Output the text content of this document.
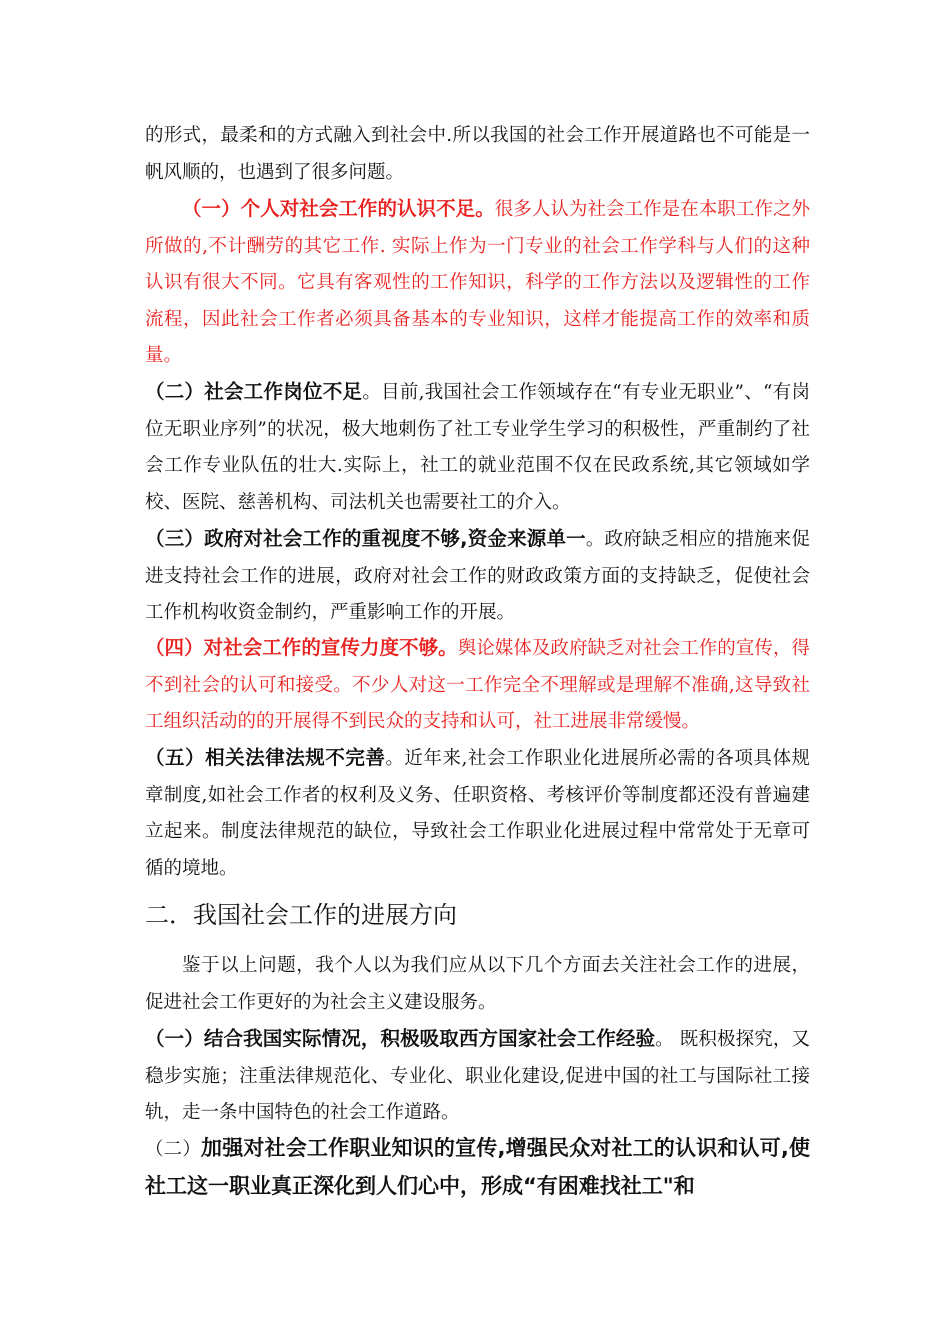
的形式，最柔和的方式融入到社会中.所以我国的社会工作开展道路也不可能是一帆风顺的，也遇到了很多问题。
（一）个人对社会工作的认识不足。很多人认为社会工作是在本职工作之外所做的,不计酬劳的其它工作. 实际上作为一门专业的社会工作学科与人们的这种认识有很大不同。它具有客观性的工作知识，科学的工作方法以及逻辑性的工作流程，因此社会工作者必须具备基本的专业知识，这样才能提高工作的效率和质量。
（二）社会工作岗位不足。目前,我国社会工作领域存在“有专业无职业”、“有岗位无职业序列”的状况，极大地刺伤了社工专业学生学习的积极性，严重制约了社会工作专业队伍的壮大.实际上，社工的就业范围不仅在民政系统,其它领域如学校、医院、慈善机构、司法机关也需要社工的介入。
（三）政府对社会工作的重视度不够,资金来源单一。政府缺乏相应的措施来促进支持社会工作的进展，政府对社会工作的财政政策方面的支持缺乏，促使社会工作机构收资金制约，严重影响工作的开展。
（四）对社会工作的宣传力度不够。舆论媒体及政府缺乏对社会工作的宣传，得不到社会的认可和接受。不少人对这一工作完全不理解或是理解不准确,这导致社工组织活动的的开展得不到民众的支持和认可，社工进展非常缓慢。
（五）相关法律法规不完善。近年来,社会工作职业化进展所必需的各项具体规章制度,如社会工作者的权利及义务、任职资格、考核评价等制度都还没有普遍建立起来。制度法律规范的缺位，导致社会工作职业化进展过程中常常处于无章可循的境地。
二．我国社会工作的进展方向
鉴于以上问题，我个人以为我们应从以下几个方面去关注社会工作的进展，促进社会工作更好的为社会主义建设服务。
（一）结合我国实际情况，积极吸取西方国家社会工作经验。 既积极探究，又稳步实施；注重法律规范化、专业化、职业化建设,促进中国的社工与国际社工接轨，走一条中国特色的社会工作道路。
（二）加强对社会工作职业知识的宣传,增强民众对社工的认识和认可,使社工这一职业真正深化到人们心中，形成“有困难找社工"和
